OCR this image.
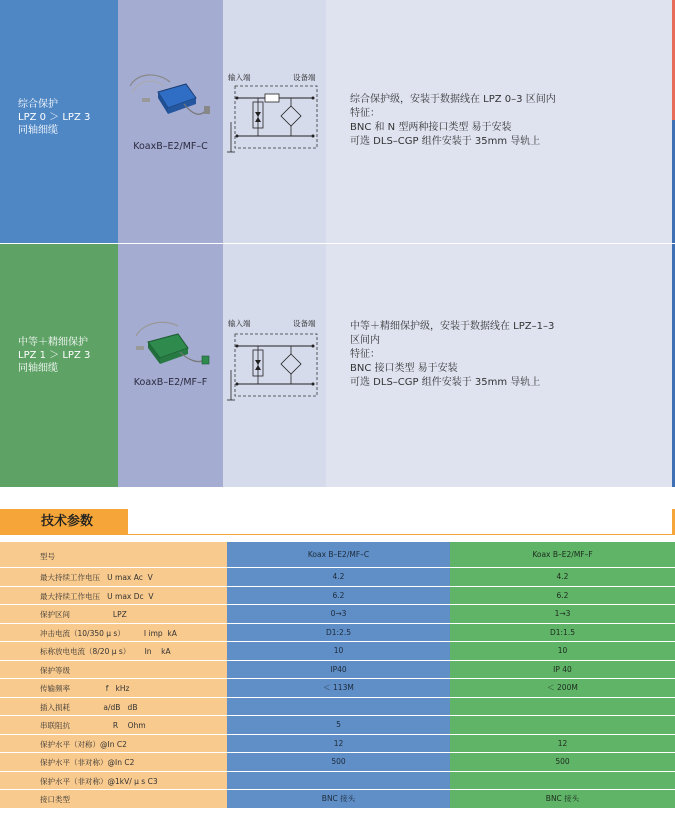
综合保护
LPZ 0 ＞ LPZ 3
同轴细缆
KoaxB–E2/MF–C
输入端	设备端
综合保护级，安装于数据线在 LPZ 0–3 区间内
特征：
BNC 和 N 型两种接口类型 易于安装
可选 DLS–CGP 组件安装于 35mm 导轨上
中等＋精细保护
LPZ 1 ＞ LPZ 3
同轴细缆
KoaxB–E2/MF–F
输入端	设备端	中等＋精细保护级，安装于数据线在 LPZ–1–3
区间内
特征：
BNC 接口类型 易于安装
可选 DLS–CGP 组件安装于 35mm 导轨上
技术参数
型号	Koax B–E2/MF–C	Koax B–E2/MF–F
最大持续工作电压   U max Ac  V	4.2	4.2
最大持续工作电压   U max Dc  V	6.2	6.2
保护区间                  LPZ	0→3	1→3
冲击电流（10/350 μ s）        I imp  kA	D1:2.5	D1:1.5
标称放电电流（8/20 μ s）      In    kA	10	10
保护等级	IP40	IP 40
传输频率               f   kHz	＜ 113M	＜ 200M
插入损耗              a/dB   dB
串联阻抗                  R    Ohm	5
保护水平（对称）@In C2	12	12
保护水平（非对称）@In C2	500	500
保护水平（非对称）@1kV/ μ s C3
接口类型	BNC 接头	BNC 接头
